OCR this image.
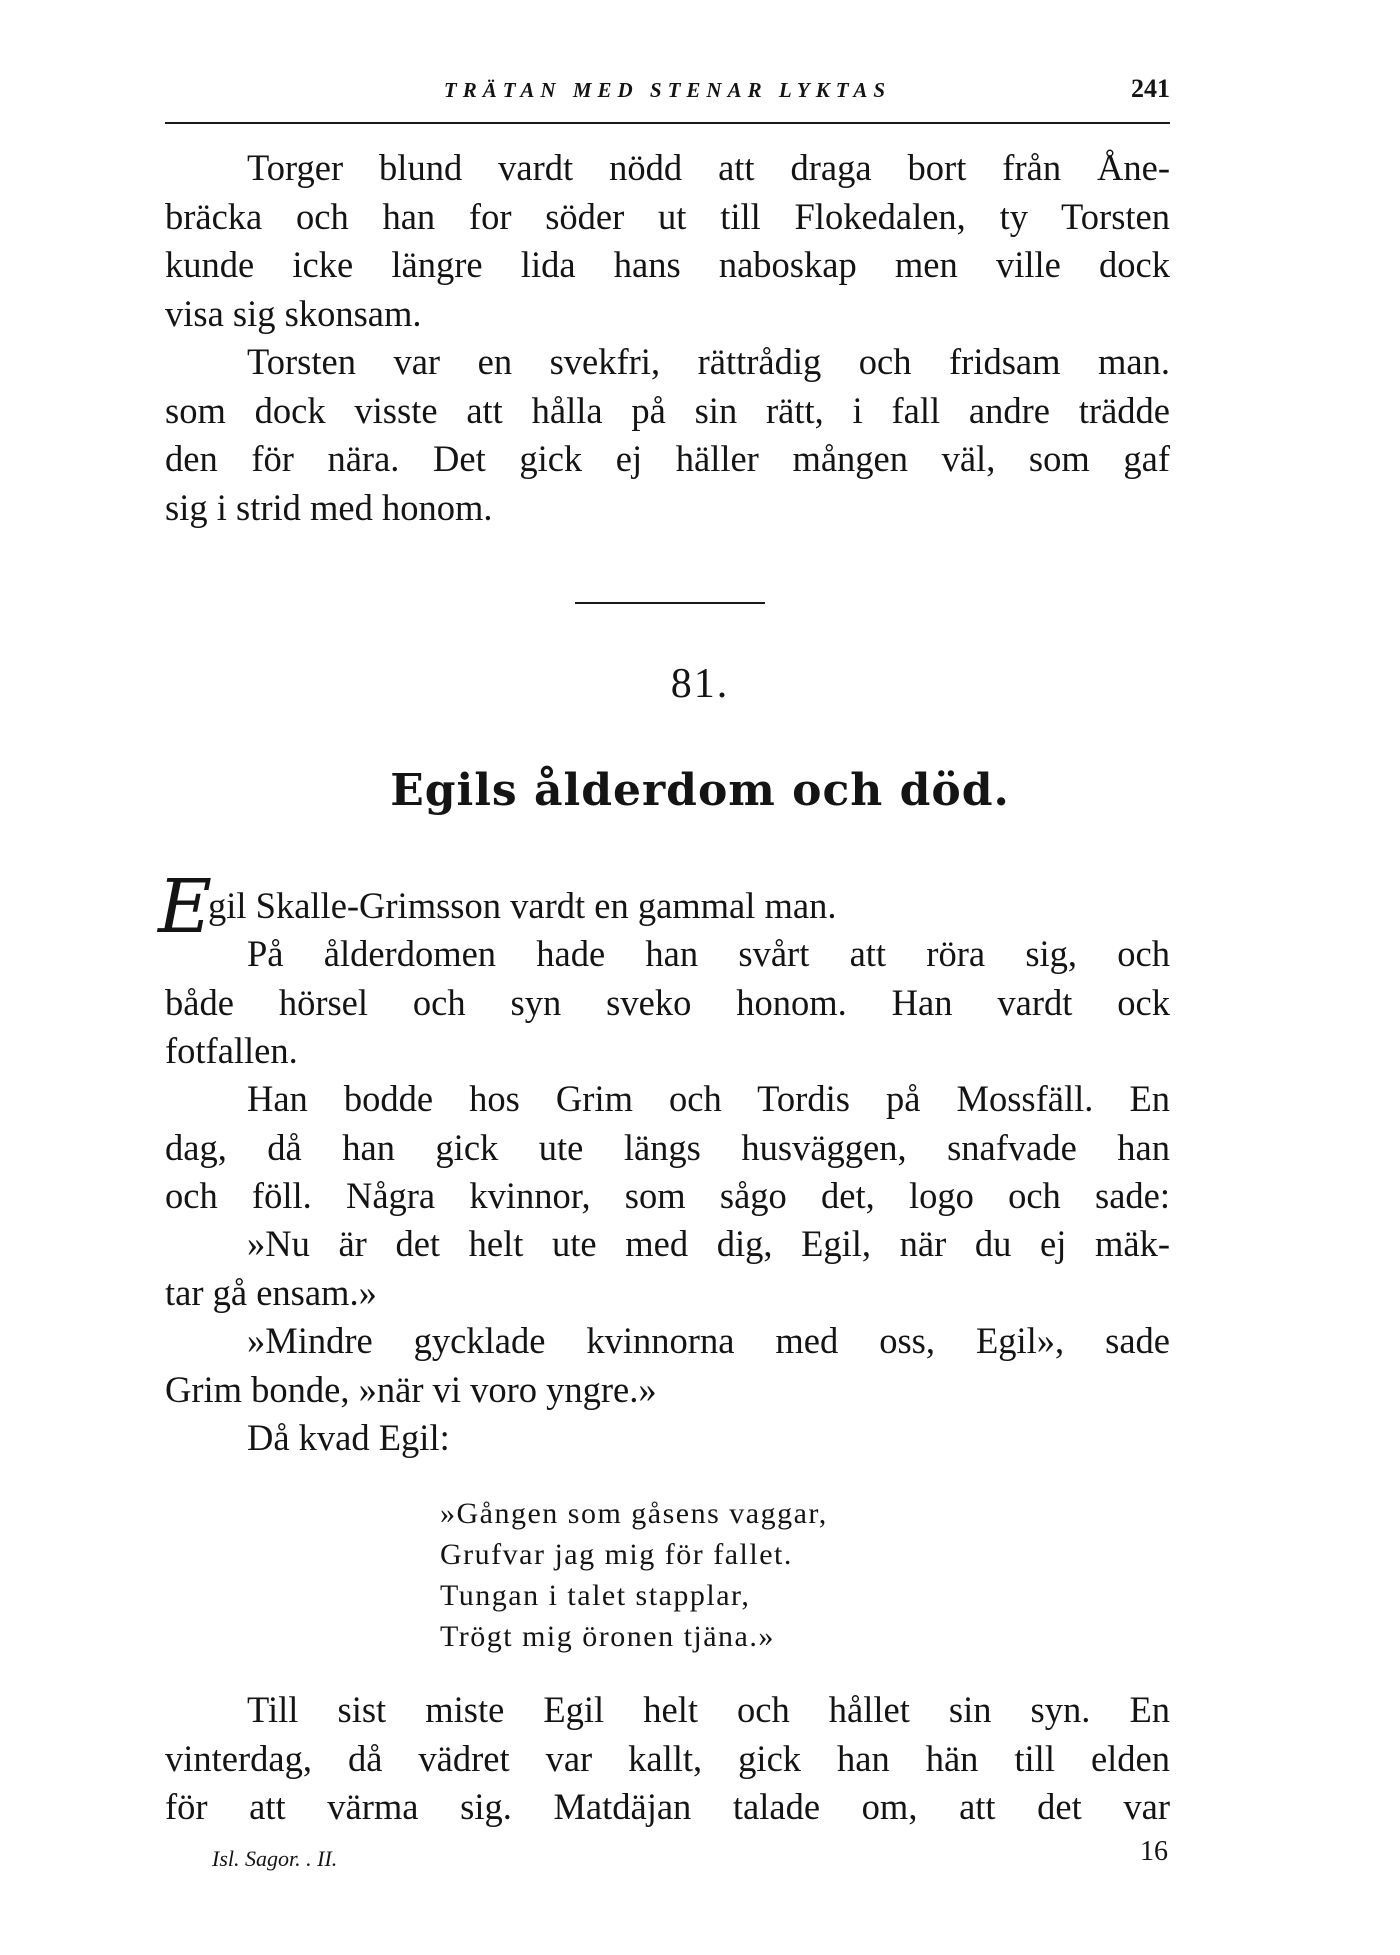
TRÄTAN MED STENAR LYKTAS	241
Torger blund vardt nödd att draga bort från Åne-
bräcka och han for söder ut till Flokedalen, ty Torsten
kunde icke längre lida hans naboskap men ville dock
visa sig skonsam.
Torsten var en svekfri, rättrådig och fridsam man.
som dock visste att hålla på sin rätt, i fall andre trädde
den för nära. Det gick ej häller mången väl, som gaf
sig i strid med honom.
81.
Egils ålderdom och död.
E
gil Skalle-Grimsson vardt en gammal man.
På ålderdomen hade han svårt att röra sig, och
både hörsel och syn sveko honom. Han vardt ock
fotfallen.
Han bodde hos Grim och Tordis på Mossfäll. En
dag, då han gick ute längs husväggen, snafvade han
och föll. Några kvinnor, som sågo det, logo och sade:
»Nu är det helt ute med dig, Egil, när du ej mäk-
tar gå ensam.»
»Mindre gycklade kvinnorna med oss, Egil», sade
Grim bonde, »när vi voro yngre.»
Då kvad Egil:
»Gången som gåsens vaggar,
Grufvar jag mig för fallet.
Tungan i talet stapplar,
Trögt mig öronen tjäna.»
Till sist miste Egil helt och hållet sin syn. En
vinterdag, då vädret var kallt, gick han hän till elden
för att värma sig. Matdäjan talade om, att det var
Isl. Sagor. . II.	16
